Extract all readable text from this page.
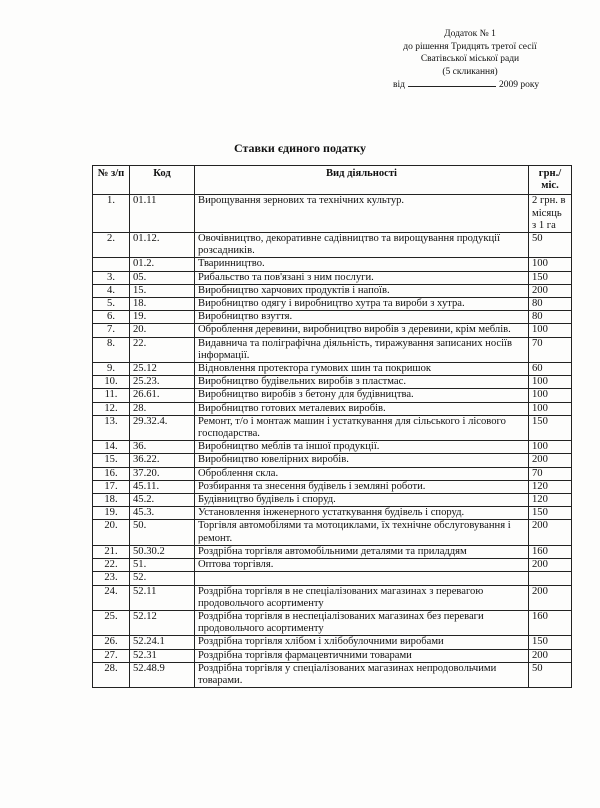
Додаток № 1
до рішення Тридцять третої сесії
Сватівської міської ради
(5 скликання)
від	2009 року
Ставки єдиного податку
№ з/п	Код	Вид діяльності	грн./міс.
1.	01.11	Вирощування зернових та технічних культур.	2 грн. в місяць з 1 га
2.	01.12.	Овочівництво, декоративне садівництво та вирощування продукції розсадників.	50
	01.2.	Тваринництво.	100
3.	05.	Рибальство та пов'язані з ним послуги.	150
4.	15.	Виробництво харчових продуктів і напоїв.	200
5.	18.	Виробництво одягу і виробництво хутра та вироби з хутра.	80
6.	19.	Виробництво взуття.	80
7.	20.	Оброблення деревини, виробництво виробів з деревини, крім меблів.	100
8.	22.	Видавнича та поліграфічна діяльність, тиражування записаних носіїв інформації.	70
9.	25.12	Відновлення протектора гумових шин та покришок	60
10.	25.23.	Виробництво будівельних виробів з пластмас.	100
11.	26.61.	Виробництво виробів з бетону для будівництва.	100
12.	28.	Виробництво готових металевих виробів.	100
13.	29.32.4.	Ремонт, т/о і монтаж машин і устаткування для сільського і лісового господарства.	150
14.	36.	Виробництво меблів та іншої продукції.	100
15.	36.22.	Виробництво ювелірних виробів.	200
16.	37.20.	Оброблення скла.	70
17.	45.11.	Розбирання та знесення будівель і земляні роботи.	120
18.	45.2.	Будівництво будівель і споруд.	120
19.	45.3.	Установлення інженерного устаткування будівель і споруд.	150
20.	50.	Торгівля автомобілями та мотоциклами, їх технічне обслуговування і ремонт.	200
21.	50.30.2	Роздрібна торгівля автомобільними деталями та приладдям	160
22.	51.	Оптова торгівля.	200
23.	52.		
24.	52.11	Роздрібна торгівля в не спеціалізованих магазинах з перевагою продовольчого асортименту	200
25.	52.12	Роздрібна торгівля в неспеціалізованих магазинах без переваги продовольчого асортименту	160
26.	52.24.1	Роздрібна торгівля хлібом і хлібобулочними виробами	150
27.	52.31	Роздрібна торгівля фармацевтичними товарами	200
28.	52.48.9	Роздрібна торгівля у спеціалізованих магазинах непродовольчими товарами.	50
